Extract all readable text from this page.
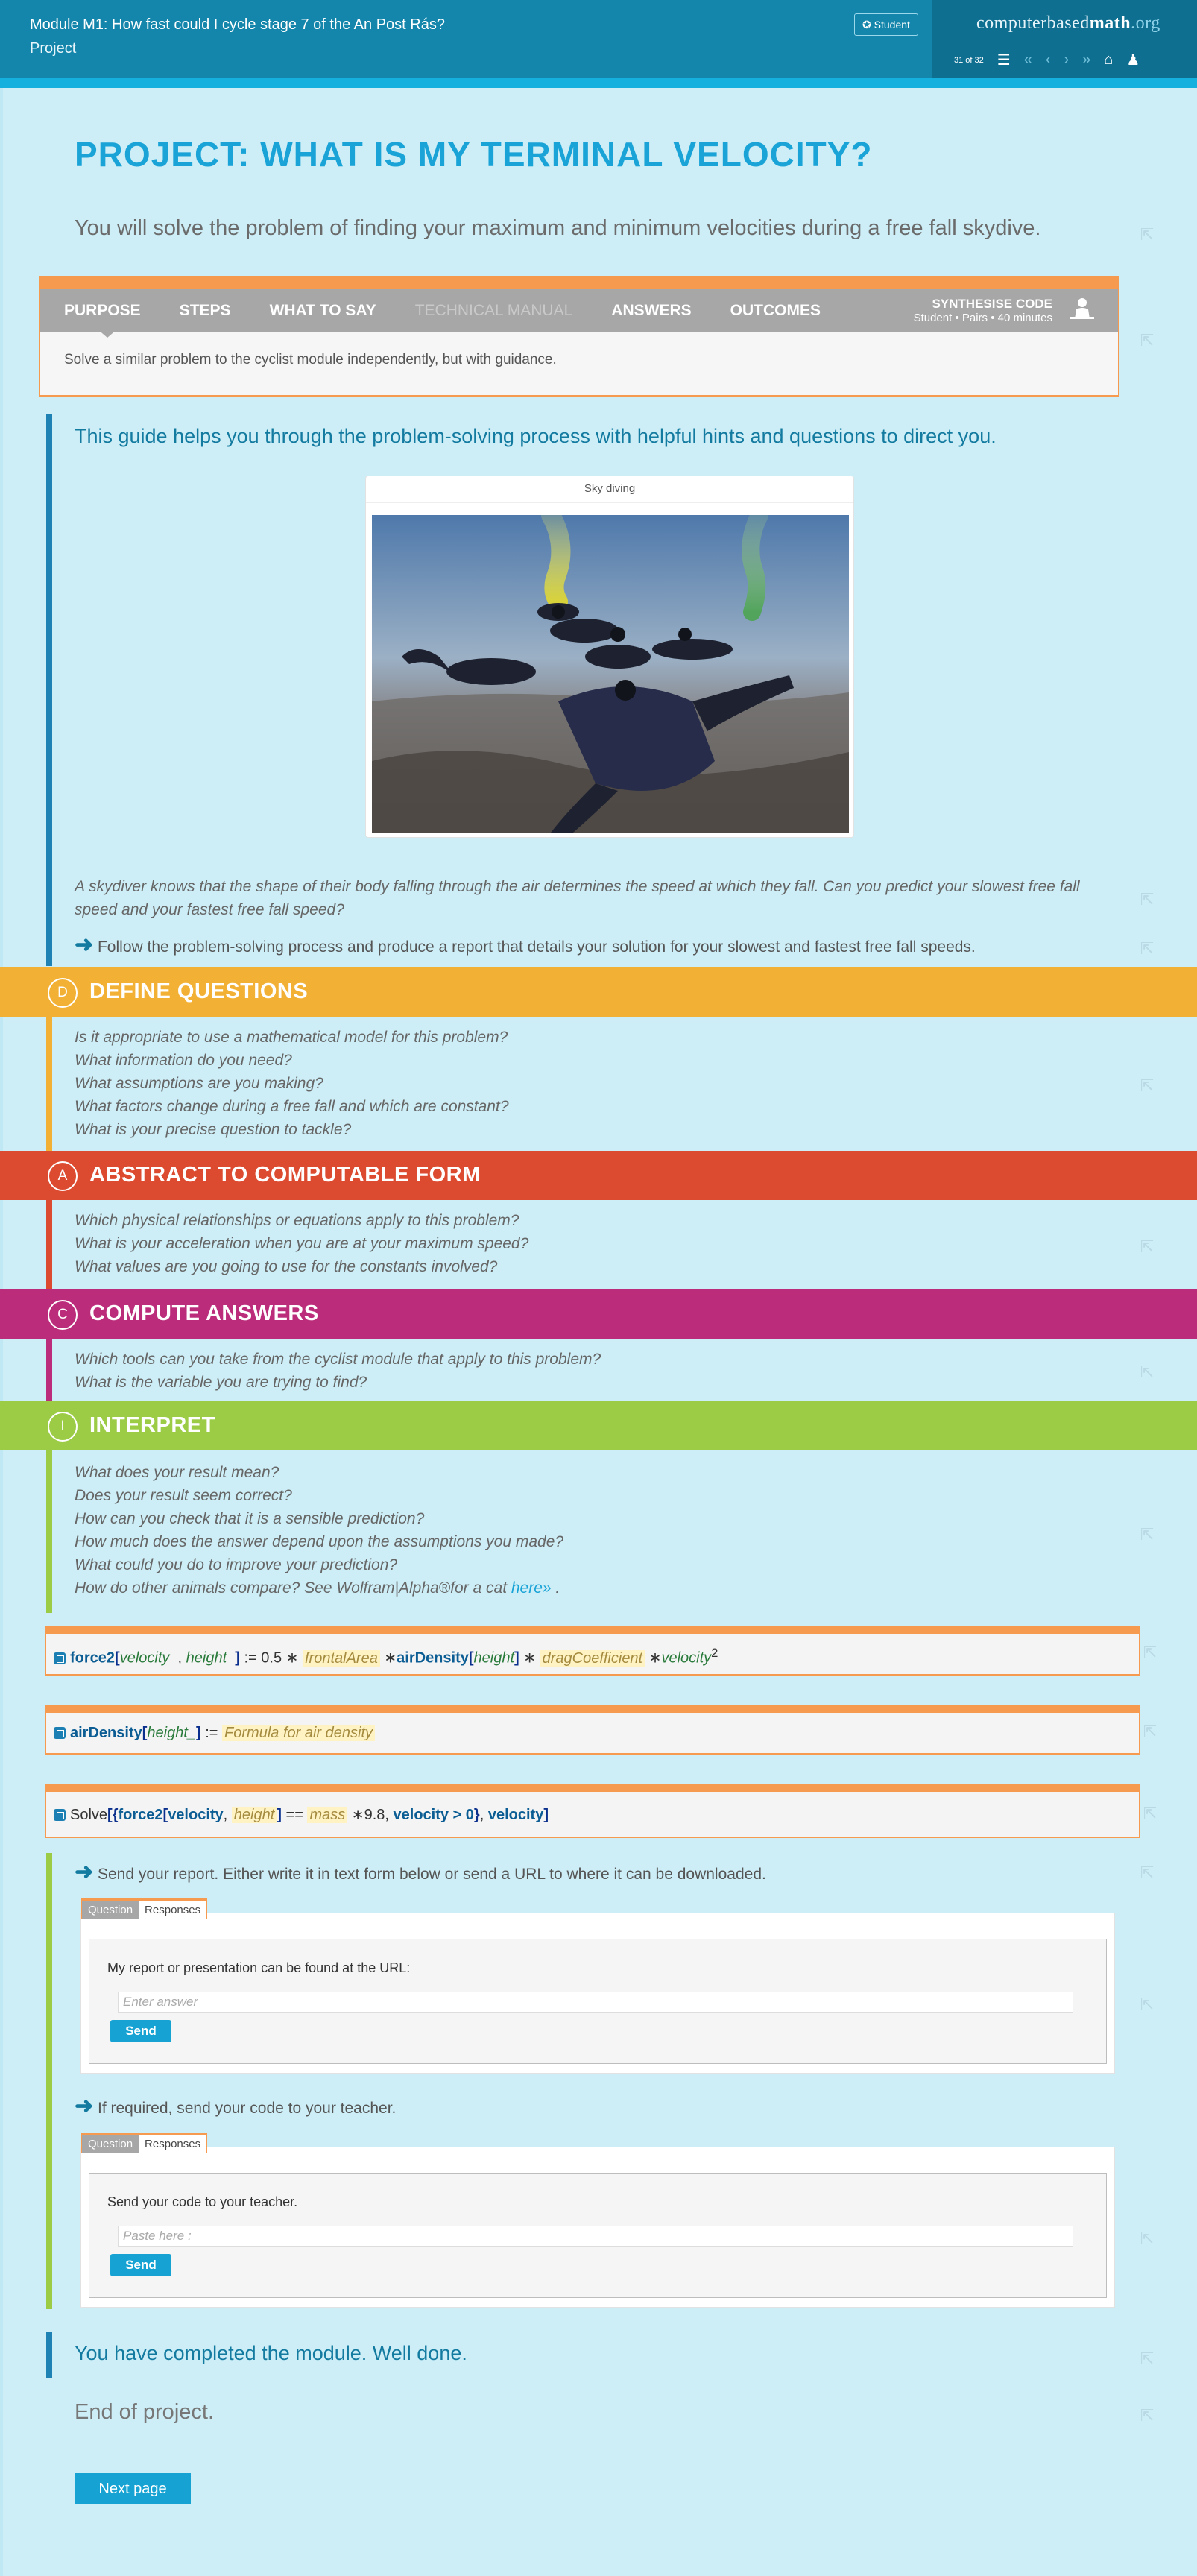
Module M1: How fast could I cycle stage 7 of the An Post Rás?
Project
✪ Student	computerbasedmath.org
31 of 32 ☰ « ‹ › » ⌂ ♟
PROJECT: WHAT IS MY TERMINAL VELOCITY?
You will solve the problem of finding your maximum and minimum velocities during a free fall skydive.	⇱
PURPOSE STEPS WHAT TO SAY TECHNICAL MANUAL ANSWERS OUTCOMES	SYNTHESISE CODE
Student • Pairs • 40 minutes
Solve a similar problem to the cyclist module independently, but with guidance.
⇱
This guide helps you through the problem-solving process with helpful hints and questions to direct you.
Sky diving
A skydiver knows that the shape of their body falling through the air determines the speed at which they fall. Can you predict your slowest free fall speed and your fastest free fall speed?
⇱
➜ Follow the problem-solving process and produce a report that details your solution for your slowest and fastest free fall speeds.	⇱
D	DEFINE QUESTIONS
Is it appropriate to use a mathematical model for this problem?
What information do you need?
What assumptions are you making?
What factors change during a free fall and which are constant?
What is your precise question to tackle?
⇱
A	ABSTRACT TO COMPUTABLE FORM
Which physical relationships or equations apply to this problem?
What is your acceleration when you are at your maximum speed?
What values are you going to use for the constants involved?
⇱
C	COMPUTE ANSWERS
Which tools can you take from the cyclist module that apply to this problem?
What is the variable you are trying to find?
⇱
I	INTERPRET
What does your result mean?
Does your result seem correct?
How can you check that it is a sensible prediction?
How much does the answer depend upon the assumptions you made?
What could you do to improve your prediction?
How do other animals compare? See Wolfram|Alpha®for a cat here» .
⇱
force2[velocity_, height_] := 0.5 ∗ frontalArea ∗airDensity[height] ∗ dragCoefficient ∗velocity$^2$	⇱
airDensity[height_] := Formula for air density	⇱
Solve[{force2[velocity, height ] == mass ∗9.8, velocity > 0}, velocity]	⇱
➜ Send your report. Either write it in text form below or send a URL to where it can be downloaded.	⇱
Question	Responses
My report or presentation can be found at the URL:
Enter answer
Send
⇱
➜ If required, send your code to your teacher.
Question	Responses
Send your code to your teacher.
Paste here :
Send
⇱
You have completed the module. Well done.	⇱
End of project.	⇱
Next page
